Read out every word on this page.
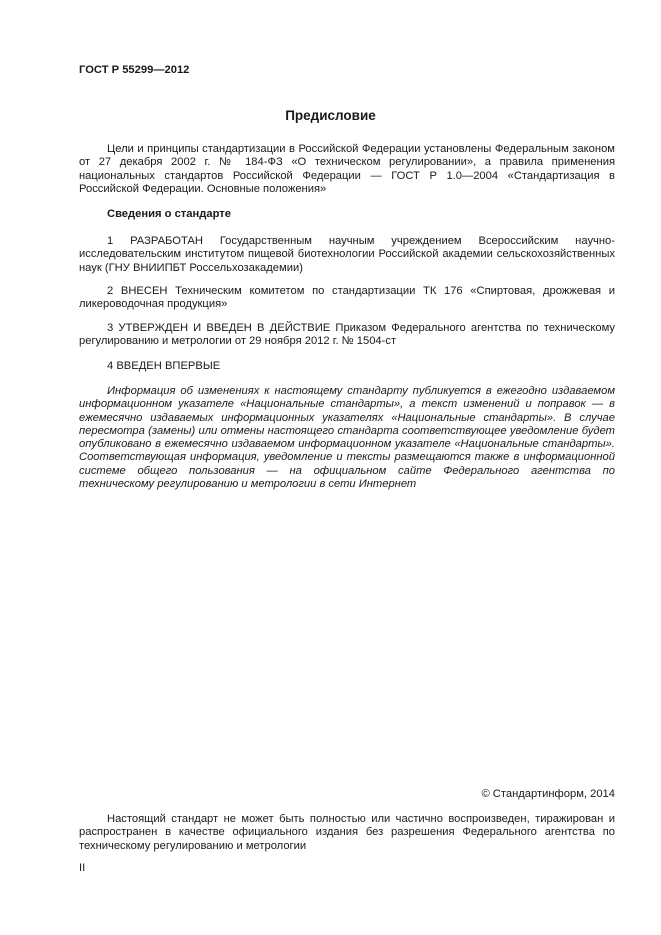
ГОСТ Р 55299—2012
Предисловие

Цели и принципы стандартизации в Российской Федерации установлены Федеральным законом от 27 декабря 2002 г. № 184-ФЗ «О техническом регулировании», а правила применения национальных стандартов Российской Федерации — ГОСТ Р 1.0—2004 «Стандартизация в Российской Федерации. Основные положения»

Сведения о стандарте

1 РАЗРАБОТАН Государственным научным учреждением Всероссийским научно-исследовательским институтом пищевой биотехнологии Российской академии сельскохозяйственных наук (ГНУ ВНИИПБТ Россельхозакадемии)

2 ВНЕСЕН Техническим комитетом по стандартизации ТК 176 «Спиртовая, дрожжевая и ликероводочная продукция»

3 УТВЕРЖДЕН И ВВЕДЕН В ДЕЙСТВИЕ Приказом Федерального агентства по техническому регулированию и метрологии от 29 ноября 2012 г. № 1504-ст

4 ВВЕДЕН ВПЕРВЫЕ

Информация об изменениях к настоящему стандарту публикуется в ежегодно издаваемом информационном указателе «Национальные стандарты», а текст изменений и поправок — в ежемесячно издаваемых информационных указателях «Национальные стандарты». В случае пересмотра (замены) или отмены настоящего стандарта соответствующее уведомление будет опубликовано в ежемесячно издаваемом информационном указателе «Национальные стандарты». Соответствующая информация, уведомление и тексты размещаются также в информационной системе общего пользования — на официальном сайте Федерального агентства по техническому регулированию и метрологии в сети Интернет

© Стандартинформ, 2014

Настоящий стандарт не может быть полностью или частично воспроизведен, тиражирован и распространен в качестве официального издания без разрешения Федерального агентства по техническому регулированию и метрологии

II
